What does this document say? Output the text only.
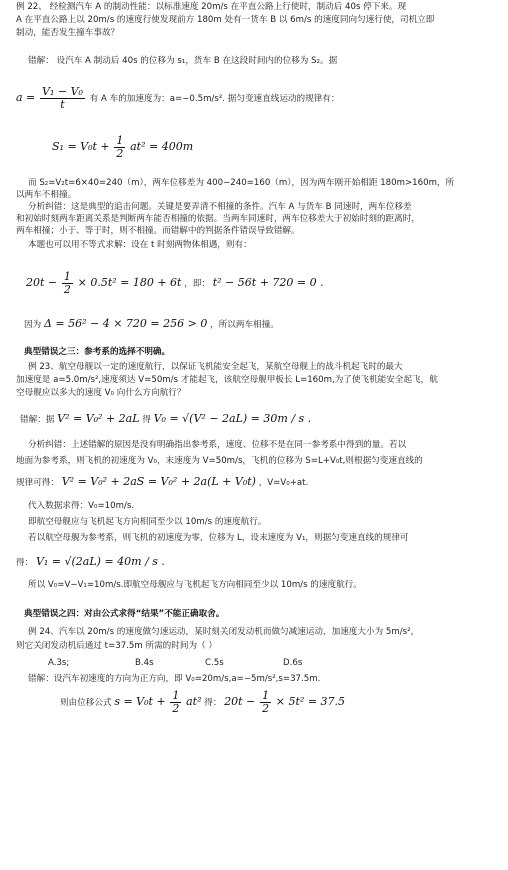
例 22、 经检测汽车 A 的制动性能：以标准速度 20m/s 在平直公路上行使时，制动后 40s 停下来。现
A 在平直公路上以 20m/s 的速度行使发现前方 180m 处有一货车 B 以 6m/s 的速度同向匀速行使，司机立即
制动，能否发生撞车事故？
错解： 设汽车 A 制动后 40s 的位移为 s₁，货车 B 在这段时间内的位移为 S₂。据
$a = \frac{\text{V₁ − V₀}}{t}$ 有 A 车的加速度为：a=−0.5m/s². 据匀变速直线运动的规律有：
$S_1 = V_0t + \frac{1}{2} at^2 = 400m$
而 S₂=V₂t=6×40=240（m），两车位移差为 400−240=160（m），因为两车刚开始相距 180m>160m，所
以两车不相撞。
分析纠错：这是典型的追击问题。关键是要弄清不相撞的条件。汽车 A 与货车 B 同速时，两车位移差
和初始时刻两车距离关系是判断两车能否相撞的依据。当两车同速时，两车位移差大于初始时刻的距离时，
两车相撞；小于、等于时，则不相撞。而错解中的判据条件错误导致错解。
本题也可以用不等式求解：设在 t 时刻两物体相遇，则有：
$20t - \frac{1}{2} \times 0.5t^2 = 180 + 6t$ ，即： t² − 56t + 720 = 0 .
因为 Δ = 56² − 4 × 720 = 256 > 0 ，所以两车相撞。
典型错误之三：参考系的选择不明确。
例 23、航空母舰以一定的速度航行，以保证飞机能安全起飞，某航空母舰上的战斗机起飞时的最大
加速度是 a=5.0m/s²,速度须达 V=50m/s 才能起飞，该航空母舰甲板长 L=160m,为了使飞机能安全起飞，航
空母舰应以多大的速度 V₀ 向什么方向航行？
错解：据 V² = V₀² + 2aL 得 V₀ = √(V² − 2aL) = 30m / s .
分析纠错：上述错解的原因是没有明确指出参考系，速度、位移不是在同一参考系中得到的量。若以
地面为参考系，则飞机的初速度为 V₀，末速度为 V=50m/s，飞机的位移为 S=L+V₀t,则根据匀变速直线的
规律可得： V² = V₀² + 2aS = V₀² + 2a(L + V₀t) ，V=V₀+at.
代入数据求得：V₀=10m/s.
即航空母舰应与飞机起飞方向相同至少以 10m/s 的速度航行。
若以航空母舰为参考系，则飞机的初速度为零，位移为 L，设末速度为 V₁，则据匀变速直线的规律可
得： V₁ = √(2aL) = 40m / s .
所以 V₀=V−V₁=10m/s.即航空母舰应与飞机起飞方向相同至少以 10m/s 的速度航行。
典型错误之四：对由公式求得“结果”不能正确取舍。
例 24、汽车以 20m/s 的速度做匀速运动，某时刻关闭发动机而做匀减速运动，加速度大小为 5m/s²，
则它关闭发动机后通过 t=37.5m 所需的时间为（ ）
A.3s;	B.4s	C.5s	D.6s
错解：设汽车初速度的方向为正方向，即 V₀=20m/s,a=−5m/s²,s=37.5m.
则由位移公式 $s = V_0t + \frac{1}{2} at^2$ 得： $20t - \frac{1}{2} \times 5t^2 = 37.5$
